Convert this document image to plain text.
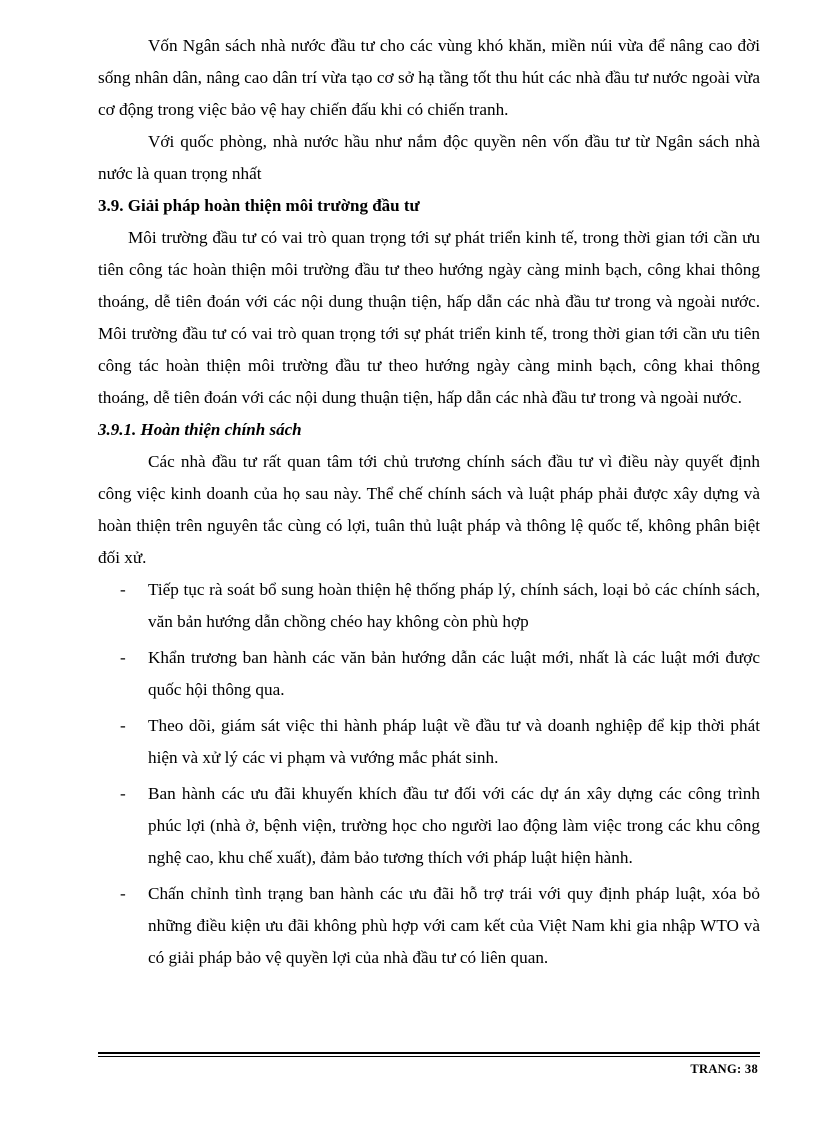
Vốn Ngân sách nhà nước đầu tư cho các vùng khó khăn, miền núi vừa để nâng cao đời sống nhân dân, nâng cao dân trí vừa tạo cơ sở hạ tầng tốt thu hút các nhà đầu tư nước ngoài vừa cơ động trong việc bảo vệ hay chiến đấu khi có chiến tranh.

Với quốc phòng, nhà nước hầu như nắm độc quyền nên vốn đầu tư từ Ngân sách nhà nước là quan trọng nhất

3.9. Giải pháp hoàn thiện môi trường đầu tư

Môi trường đầu tư có vai trò quan trọng tới sự phát triển kinh tế, trong thời gian tới cần ưu tiên công tác hoàn thiện môi trường đầu tư theo hướng ngày càng minh bạch, công khai thông thoáng, dễ tiên đoán với các nội dung thuận tiện, hấp dẫn các nhà đầu tư trong và ngoài nước. Môi trường đầu tư có vai trò quan trọng tới sự phát triển kinh tế, trong thời gian tới cần ưu tiên công tác hoàn thiện môi trường đầu tư theo hướng ngày càng minh bạch, công khai thông thoáng, dễ tiên đoán với các nội dung thuận tiện, hấp dẫn các nhà đầu tư trong và ngoài nước.

3.9.1. Hoàn thiện chính sách

Các nhà đầu tư rất quan tâm tới chủ trương chính sách đầu tư vì điều này quyết định công việc kinh doanh của họ sau này. Thể chế chính sách và luật pháp phải được xây dựng và hoàn thiện trên nguyên tắc cùng có lợi, tuân thủ luật pháp và thông lệ quốc tế, không phân biệt đối xử.

- Tiếp tục rà soát bổ sung hoàn thiện hệ thống pháp lý, chính sách, loại bỏ các chính sách, văn bản hướng dẫn chồng chéo hay không còn phù hợp
- Khẩn trương ban hành các văn bản hướng dẫn các luật mới, nhất là các luật mới được quốc hội thông qua.
- Theo dõi, giám sát việc thi hành pháp luật về đầu tư và doanh nghiệp để kịp thời phát hiện và xử lý các vi phạm và vướng mắc phát sinh.
- Ban hành các ưu đãi khuyến khích đầu tư đối với các dự án xây dựng các công trình phúc lợi (nhà ở, bệnh viện, trường học cho người lao động làm việc trong các khu công nghệ cao, khu chế xuất), đảm bảo tương thích với pháp luật hiện hành.
- Chấn chỉnh tình trạng ban hành các ưu đãi hỗ trợ trái với quy định pháp luật, xóa bỏ những điều kiện ưu đãi không phù hợp với cam kết của Việt Nam khi gia nhập WTO và có giải pháp bảo vệ quyền lợi của nhà đầu tư có liên quan.
TRANG: 38
